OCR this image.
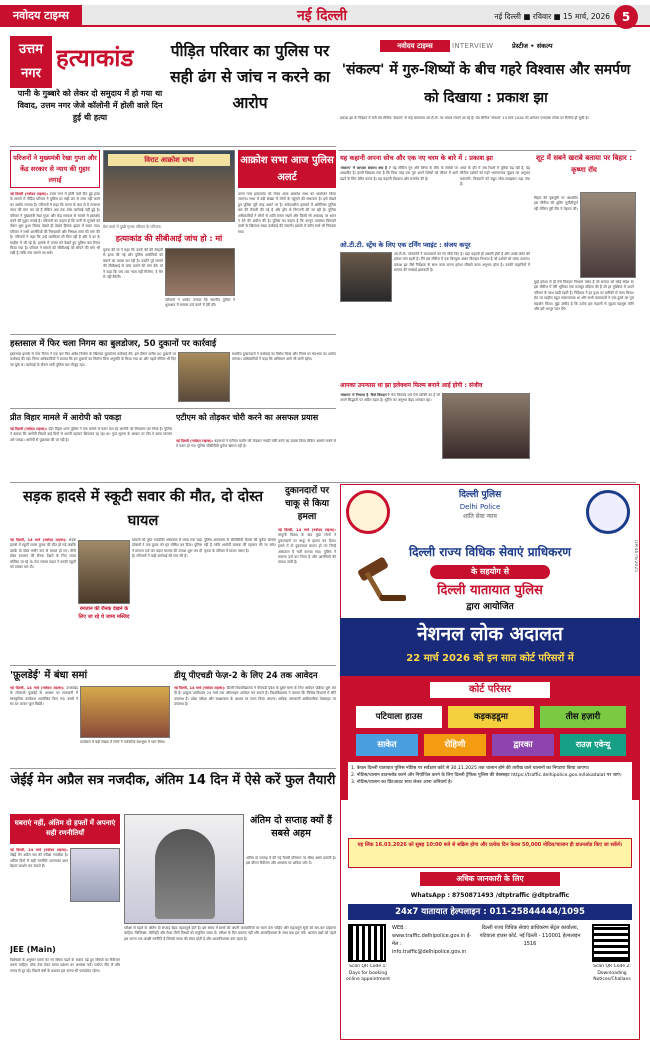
नवोदय टाइम्स	नई दिल्ली	नई दिल्ली ■ रविवार ■ 15 मार्च, 2026 5
उत्तम
नगर
हत्याकांड	पीड़ित परिवार का पुलिस पर सही ढंग से जांच न करने का आरोप
पानी के गुब्बारे को लेकर दो समुदाय में हो गया था विवाद, उत्तम नगर जेजे कॉलोनी में होली वाले दिन हुई थी हत्या
परिजनों ने मुख्यमंत्री रेखा गुप्ता और केंद्र सरकार से न्याय की गुहार लगाई
नई दिल्ली (नवोदय टाइम्स): उत्तम नगर में होली वाले दिन हुई हत्या के मामले में पीड़ित परिवार ने पुलिस पर सही ढंग से जांच नहीं करने का आरोप लगाया है। परिजनों ने कहा कि घटना के बाद से वे लगातार न्याय की मांग कर रहे हैं लेकिन अब तक ठोस कार्रवाई नहीं हुई है। परिवार ने मुख्यमंत्री रेखा गुप्ता और केंद्र सरकार से मामले में हस्तक्षेप करने की गुहार लगाई है। परिजनों का कहना है कि पानी के गुब्बारे को लेकर शुरू हुआ विवाद देखते ही देखते हिंसक झड़प में बदल गया। परिवार ने सभी आरोपियों की गिरफ्तारी और निष्पक्ष जांच की मांग की है। परिजनों ने कहा कि उन्हें धमकियां भी मिल रही हैं और वे डर के माहौल में जी रहे हैं। इलाके में तनाव को देखते हुए पुलिस बल तैनात किया गया है। परिवार ने मामले को सीबीआई को सौंपने की मांग भी रखी है ताकि सच सामने आ सके।
विराट आक्रोश सभा
प्रेस वार्ता में दुखी मृतक परिवार के परिजन।
हत्याकांड की सीबीआई जांच हो : मां
मृतक की मां ने कहा कि उनके बेटे की बेरहमी से हत्या की गई और पुलिस आरोपियों को बचाने का प्रयास कर रही है। उन्होंने पूरे मामले की सीबीआई से जांच कराने की मांग की। मां ने कहा कि जब तक न्याय नहीं मिलेगा, वे चैन से नहीं बैठेंगी।
परिजनों ने आरोप लगाया कि स्थानीय पुलिस ने शुरुआत में मामला दर्ज करने में देरी की।
आक्रोश सभा आज पुलिस अलर्ट
उत्तम नगर हत्याकांड को लेकर आज आक्रोश सभा का आयोजन किया जाएगा। सभा में बड़ी संख्या में लोगों के पहुंचने की संभावना है। इसे देखते हुए पुलिस पूरी तरह अलर्ट पर है। संवेदनशील इलाकों में अतिरिक्त पुलिस बल की तैनाती की गई है और ड्रोन से निगरानी की जा रही है। पुलिस अधिकारियों ने लोगों से शांति बनाए रखने और किसी भी अफवाह पर ध्यान न देने की अपील की है। पुलिस का कहना है कि कानून व्यवस्था बिगाड़ने वालों के खिलाफ सख्त कार्रवाई की जाएगी। इलाके में फ्लैग मार्च भी निकाला गया।
हस्तसाल में फिर चला निगम का बुलडोजर, 50 दुकानों पर कार्रवाई
हस्तसाल इलाके में नगर निगम ने एक बार फिर अवैध निर्माण के खिलाफ बुलडोजर कार्रवाई की। इस दौरान करीब 50 दुकानों पर कार्रवाई की गई। निगम अधिकारियों ने बताया कि इन दुकानों का निर्माण बिना अनुमति के किया गया था और पहले नोटिस भी दिए जा चुके थे। कार्रवाई के दौरान भारी पुलिस बल मौजूद रहा।
स्थानीय दुकानदारों ने कार्रवाई का विरोध किया और निगम पर भेदभाव का आरोप लगाया। अधिकारियों ने कहा कि अभियान आगे भी जारी रहेगा।
नवोदय टाइम्स	INTERVIEW	प्रेस्टीज • संकल्प
'संकल्प' में गुरु-शिष्यों के बीच गहरे विश्वास और समर्पण को दिखाया : प्रकाश झा
प्रकाश झा के निर्देशन में बनी वेब सीरीज 'संकल्प' से कई कलाकार ओ.टी.टी. पर धमाल मचाने आ रहे हैं। वेब सीरीज 'संकल्प' 13 मार्च 2026 को अमेजन एमएक्स प्लेयर पर रिलीज हो चुकी है।
यह कहानी अपना सोच और एक नए चरम के बारे में : प्रकाश झा
'संकल्प' में आपका संकल्प क्या है ? यह सीरीज गुरु और शिष्य के बीच के संबंधों पर आधारित है। इसमें दिखाया गया है कि किस तरह एक गुरु अपने शिष्यों को जीवन में आगे बढ़ने के लिए प्रेरित करता है। यह कहानी विश्वास और समर्पण की है।
आज के दौर में जब रिश्तों में दूरियां बढ़ रही हैं, यह सीरीज दर्शकों को गहरे भावनात्मक जुड़ाव का अनुभव कराएगी। किरदारों को बहुत सोच-समझकर गढ़ा गया है।
ओ.टी.टी. स्ट्रेंथ के लिए एक टर्निंग प्वाइंट : संजय कपूर
ओ.टी.टी. प्लेटफॉर्म ने कलाकारों को नए मौके दिए हैं। यहां कहानी ही असली हीरो है और अच्छे कंटेंट की हमेशा मांग रहती है। मैंने इस सीरीज में एक बिल्कुल अलग किरदार निभाया है जो दर्शकों को पसंद आएगा। प्रकाश झा जैसे निर्देशक के साथ काम करना हमेशा सीखने वाला अनुभव होता है। उनकी कहानियों में समाज की सच्चाई झलकती है।
आपका उपन्यास था झा इलेक्शन फिल्म बनाने आई होगी : संजीव
'संकल्प' में निभाया है 'कैसे किरदार'? मेरा किरदार एक ऐसे व्यक्ति का है जो अपने सिद्धांतों पर अडिग रहता है। शूटिंग का अनुभव बेहद शानदार रहा।
शूट में सबने खराबे बताया पर बिहार : कृष्णा रॉय
बिहार की पृष्ठभूमि पर आधारित इस सीरीज की शूटिंग चुनौतीपूर्ण रही लेकिन पूरी टीम ने मेहनत की।
मुझे हमेशा से ही ऐसे किरदार निभाना पसंद है जो समाज को कोई संदेश दें। इस सीरीज में मेरी भूमिका एक मजबूत महिला की है जो हर मुश्किल में अपने परिवार के साथ खड़ी रहती है। निर्देशक ने हर दृश्य पर बारीकी से काम किया। सेट पर माहौल बहुत सकारात्मक था और सभी कलाकारों ने एक-दूसरे का पूरा सहयोग किया। मुझे उम्मीद है कि दर्शक इस कहानी से जुड़ाव महसूस करेंगे और इसे भरपूर प्यार देंगे।
प्रीत विहार मामले में आरोपी को पकड़ा
नई दिल्ली (नवोदय टाइम्स): प्रीत विहार थाना पुलिस ने एक मामले में फरार चल रहे आरोपी को गिरफ्तार कर लिया है। पुलिस ने बताया कि आरोपी पिछले कई दिनों से अपनी पहचान छिपाकर रह रहा था। गुप्त सूचना के आधार पर टीम ने छापा मारकर उसे पकड़ा। आरोपी से पूछताछ की जा रही है।
एटीएम को तोड़कर चोरी करने का असफल प्रयास
नई दिल्ली (नवोदय टाइम्स): बदमाशों ने एटीएम मशीन को तोड़कर नकदी चोरी करने का प्रयास किया लेकिन अलार्म बजने से वे फरार हो गए। पुलिस सीसीटीवी फुटेज खंगाल रही है।
सड़क हादसे में स्कूटी सवार की मौत, दो दोस्त घायल
नई दिल्ली, 14 मार्च (नवोदय टाइम्स): सड़क हादसे में स्कूटी सवार युवक की मौत हो गई जबकि उसके दो दोस्त गंभीर रूप से घायल हो गए। तीनों दोस्त रमजान की रौनक देखने के लिए जामा मस्जिद जा रहे थे। तेज रफ्तार वाहन ने उनकी स्कूटी को टक्कर मार दी।
रमजान की रौनक देखने के लिए जा रहे थे जामा मस्जिद
घायलों को तुरंत नजदीकी अस्पताल ले जाया गया जहां डॉक्टरों ने एक युवक को मृत घोषित कर दिया। पुलिस ने मामला दर्ज कर वाहन चालक की तलाश शुरू कर दी है। परिजनों ने कड़ी कार्रवाई की मांग की है।
पुलिस आसपास के सीसीटीवी कैमरों की फुटेज खंगाल रही है ताकि आरोपी चालक की पहचान की जा सके। मृतक के परिवार में मातम पसरा है।
दुकानदारों पर चाकू से किया हमला
नई दिल्ली, 14 मार्च (नवोदय टाइम्स): मामूली विवाद के बाद कुछ लोगों ने दुकानदारों पर चाकू से हमला कर दिया। हमले में दो दुकानदार घायल हो गए जिन्हें अस्पताल में भर्ती कराया गया। पुलिस ने मामला दर्ज कर लिया है और आरोपियों की तलाश जारी है।
'फ़ूलडेई' में बंधा समां
नई दिल्ली, 14 मार्च (नवोदय टाइम्स): उत्तराखंड के लोकपर्व फूलदेई के अवसर पर राजधानी में सांस्कृतिक कार्यक्रम आयोजित किए गए। बच्चों ने घर-घर जाकर फूल बिखेरे।
कार्यक्रम में बड़ी संख्या में लोगों ने पारंपरिक वेशभूषा में भाग लिया।
डीयू पीएचडी फेज़-2 के लिए 24 तक आवेदन
नई दिल्ली, 14 मार्च (नवोदय टाइम्स): दिल्ली विश्वविद्यालय ने पीएचडी प्रवेश के दूसरे चरण के लिए आवेदन प्रक्रिया शुरू कर दी है। इच्छुक उम्मीदवार 24 मार्च तक ऑनलाइन आवेदन कर सकते हैं। विश्वविद्यालय ने बताया कि विभिन्न विभागों में सीटें उपलब्ध हैं। प्रवेश परीक्षा और साक्षात्कार के आधार पर चयन किया जाएगा। अधिक जानकारी आधिकारिक वेबसाइट पर उपलब्ध है।
जेईई मेन अप्रैल सत्र नजदीक, अंतिम 14 दिन में ऐसे करें फुल तैयारी
घबराएं नहीं, अंतिम दो हफ्तों में अपनाएं सही रणनीतियाँ
नई दिल्ली, 14 मार्च (नवोदय टाइम्स): जेईई मेन अप्रैल सत्र की परीक्षा नजदीक है। अंतिम दिनों में सही रणनीति अपनाकर छात्र बेहतर प्रदर्शन कर सकते हैं।
JEE (Main)
विशेषज्ञों के अनुसार छात्रों को नए विषय पढ़ने के बजाय पढ़े हुए विषयों का रिवीजन करना चाहिए। मॉक टेस्ट देकर समय प्रबंधन का अभ्यास करें। पर्याप्त नींद लें और तनाव से दूर रहें। पिछले वर्षों के प्रश्नपत्र हल करना भी फायदेमंद रहेगा।
परीक्षा से पहले के अंतिम दो सप्ताह बेहद महत्वपूर्ण होते हैं। इस समय में छात्रों को अपनी कमजोरियों पर ध्यान देना चाहिए और महत्वपूर्ण सूत्रों को बार-बार दोहराना चाहिए। फिजिक्स, केमिस्ट्री और मैथ्स तीनों विषयों को संतुलित समय दें। परीक्षा के दिन घबराएं नहीं और आत्मविश्वास के साथ प्रश्न हल करें। आसान प्रश्नों को पहले हल करना एक अच्छी रणनीति है जिससे समय की बचत होती है और आत्मविश्वास बना रहता है।
अंतिम दो सप्ताह क्यों हैं सबसे अहम
अंतिम दो सप्ताह में की गई तैयारी परिणाम पर सीधा असर डालती है। इस दौरान रिवीजन और अभ्यास पर अधिक जोर दें।
दिल्ली पुलिस
Delhi Police
शांति सेवा न्याय
दिल्ली राज्य विधिक सेवाएं प्राधिकरण
के सहयोग से
दिल्ली यातायात पुलिस
द्वारा आयोजित
नेशनल लोक अदालत
22 मार्च 2026 को इन सात कोर्ट परिसरों में
कोर्ट परिसर
पटियाला हाउस	कड़कड़डूमा	तीस हज़ारी
साकेत	रोहिणी	द्वारका	राउज़ एवेन्यू
1. केवल दिल्ली यातायात पुलिस नोटिस पर सर्वेक्षण कोर्ट से 30.11.2025 तक चालान होने की तारीख वाले चालानों का निपटारा किया जाएगा।
2. नोटिस/चालान डाउनलोड करने और नियोजित करने के लिए दिल्ली ट्रैफिक पुलिस की वेबसाइट https://traffic.delhipolice.gov.in/lokadalat पर जाएं।
3. नोटिस/चालान का प्रिंटआउट साथ लेकर आना अनिवार्य है।
यह लिंक 16.03.2026 को सुबह 10:00 बजे से सक्रिय होगा और प्रत्येक दिन केवल 50,000 नोटिस/चालान ही डाउनलोड किए जा सकेंगे।
अधिक जानकारी के लिए
WhatsApp : 8750871493 /dtptraffic @dtptraffic
24x7 यातायात हेल्पलाइन : 011-25844444/1095
Scan QR Code 1: Days for booking online appointment
WEB : www.traffic.delhipolice.gov.in ई-मेल : info.traffic@delhipolice.gov.in
दिल्ली राज्य विधिक सेवाएं प्राधिकरण सेंट्रल कार्यालय, पटियाला हाउस कोर्ट, नई दिल्ली - 110001 हेल्पलाइन 1516
Scan QR Code 2: Downloading Notices/Challans
DP/4676/2025
